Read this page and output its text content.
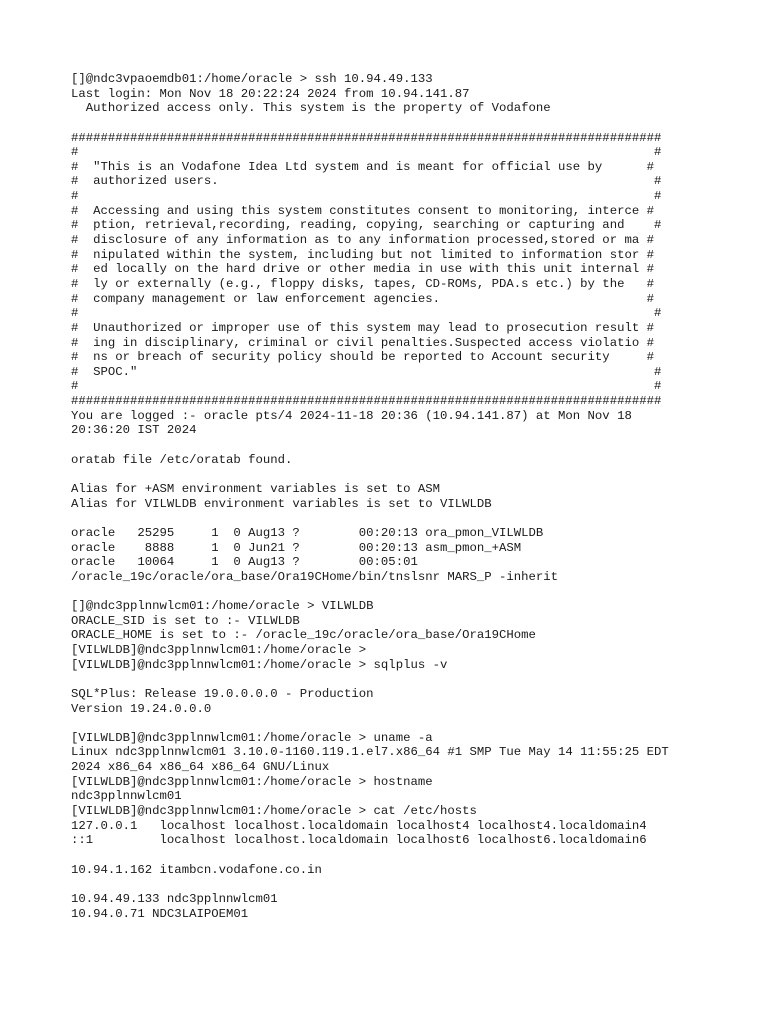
[]@ndc3vpaoemdb01:/home/oracle > ssh 10.94.49.133
Last login: Mon Nov 18 20:22:24 2024 from 10.94.141.87
Authorized access only. This system is the property of Vodafone
################################################################################
#                                                                              #
#  "This is an Vodafone Idea Ltd system and is meant for official use by      #
#  authorized users.                                                           #
#                                                                              #
#  Accessing and using this system constitutes consent to monitoring, interce #
#  ption, retrieval,recording, reading, copying, searching or capturing and    #
#  disclosure of any information as to any information processed,stored or ma #
#  nipulated within the system, including but not limited to information stor #
#  ed locally on the hard drive or other media in use with this unit internal #
#  ly or externally (e.g., floppy disks, tapes, CD-ROMs, PDA.s etc.) by the   #
#  company management or law enforcement agencies.                            #
#                                                                              #
#  Unauthorized or improper use of this system may lead to prosecution result #
#  ing in disciplinary, criminal or civil penalties.Suspected access violatio #
#  ns or breach of security policy should be reported to Account security     #
#  SPOC."                                                                      #
#                                                                              #
################################################################################
You are logged :- oracle pts/4 2024-11-18 20:36 (10.94.141.87) at Mon Nov 18
20:36:20 IST 2024
oratab file /etc/oratab found.
Alias for +ASM environment variables is set to ASM
Alias for VILWLDB environment variables is set to VILWLDB
oracle   25295     1  0 Aug13 ?        00:20:13 ora_pmon_VILWLDB
oracle    8888     1  0 Jun21 ?        00:20:13 asm_pmon_+ASM
oracle   10064     1  0 Aug13 ?        00:05:01
/oracle_19c/oracle/ora_base/Ora19CHome/bin/tnslsnr MARS_P -inherit
[]@ndc3pplnnwlcm01:/home/oracle > VILWLDB
ORACLE_SID is set to :- VILWLDB
ORACLE_HOME is set to :- /oracle_19c/oracle/ora_base/Ora19CHome
[VILWLDB]@ndc3pplnnwlcm01:/home/oracle >
[VILWLDB]@ndc3pplnnwlcm01:/home/oracle > sqlplus -v
SQL*Plus: Release 19.0.0.0.0 - Production
Version 19.24.0.0.0
[VILWLDB]@ndc3pplnnwlcm01:/home/oracle > uname -a
Linux ndc3pplnnwlcm01 3.10.0-1160.119.1.el7.x86_64 #1 SMP Tue May 14 11:55:25 EDT
2024 x86_64 x86_64 x86_64 GNU/Linux
[VILWLDB]@ndc3pplnnwlcm01:/home/oracle > hostname
ndc3pplnnwlcm01
[VILWLDB]@ndc3pplnnwlcm01:/home/oracle > cat /etc/hosts
127.0.0.1   localhost localhost.localdomain localhost4 localhost4.localdomain4
::1         localhost localhost.localdomain localhost6 localhost6.localdomain6
10.94.1.162 itambcn.vodafone.co.in
10.94.49.133 ndc3pplnnwlcm01
10.94.0.71 NDC3LAIPOEM01
